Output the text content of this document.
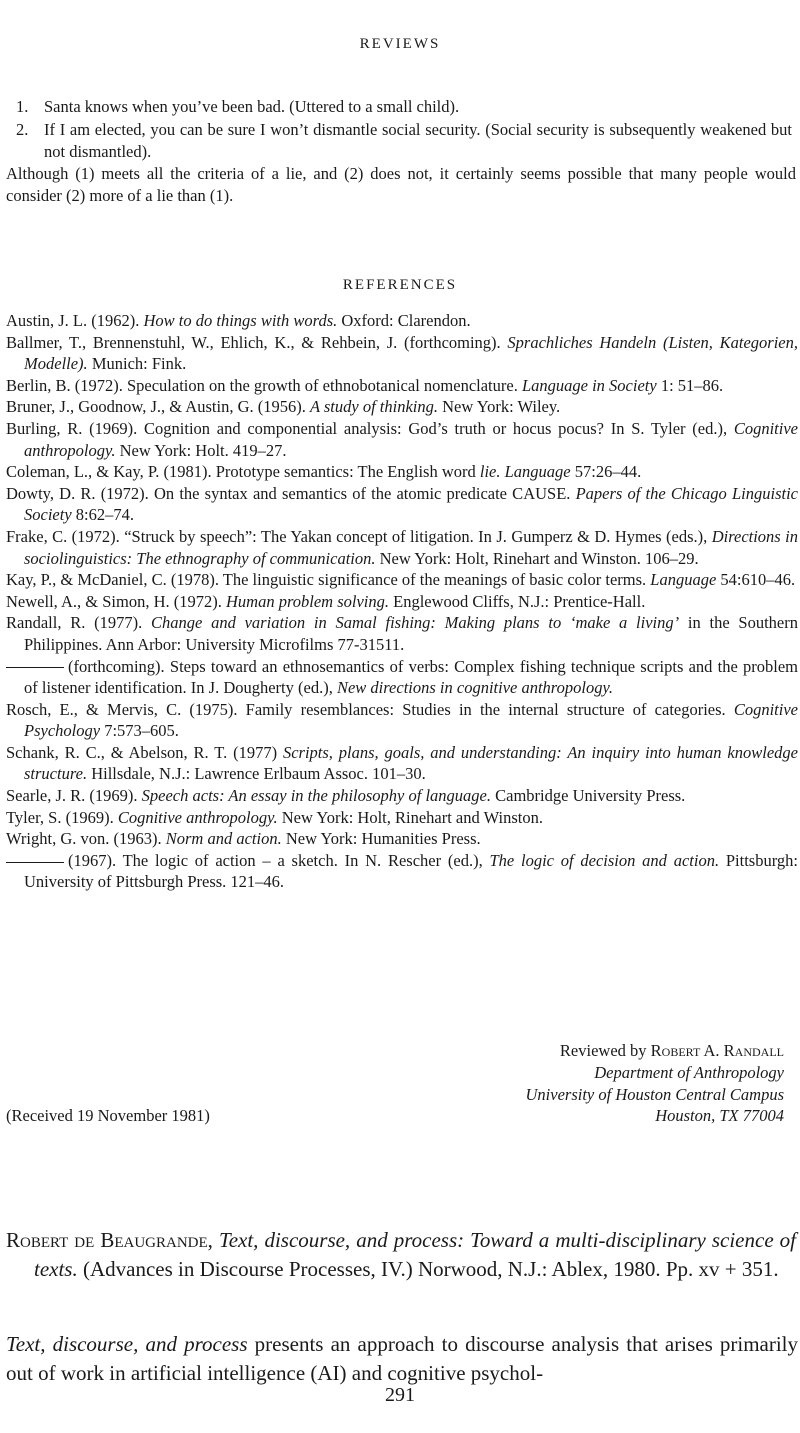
REVIEWS
1. Santa knows when you’ve been bad. (Uttered to a small child).
2. If I am elected, you can be sure I won’t dismantle social security. (Social security is subsequently weakened but not dismantled).
Although (1) meets all the criteria of a lie, and (2) does not, it certainly seems possible that many people would consider (2) more of a lie than (1).
REFERENCES

Austin, J. L. (1962). How to do things with words. Oxford: Clarendon.

Ballmer, T., Brennenstuhl, W., Ehlich, K., & Rehbein, J. (forthcoming). Sprachliches Handeln (Listen, Kategorien, Modelle). Munich: Fink.

Berlin, B. (1972). Speculation on the growth of ethnobotanical nomenclature. Language in Society 1: 51–86.

Bruner, J., Goodnow, J., & Austin, G. (1956). A study of thinking. New York: Wiley.

Burling, R. (1969). Cognition and componential analysis: God’s truth or hocus pocus? In S. Tyler (ed.), Cognitive anthropology. New York: Holt. 419–27.

Coleman, L., & Kay, P. (1981). Prototype semantics: The English word lie. Language 57:26–44.

Dowty, D. R. (1972). On the syntax and semantics of the atomic predicate CAUSE. Papers of the Chicago Linguistic Society 8:62–74.

Frake, C. (1972). “Struck by speech”: The Yakan concept of litigation. In J. Gumperz & D. Hymes (eds.), Directions in sociolinguistics: The ethnography of communication. New York: Holt, Rinehart and Winston. 106–29.

Kay, P., & McDaniel, C. (1978). The linguistic significance of the meanings of basic color terms. Language 54:610–46.

Newell, A., & Simon, H. (1972). Human problem solving. Englewood Cliffs, N.J.: Prentice-Hall.

Randall, R. (1977). Change and variation in Samal fishing: Making plans to ‘make a living’ in the Southern Philippines. Ann Arbor: University Microfilms 77-31511.

(forthcoming). Steps toward an ethnosemantics of verbs: Complex fishing technique scripts and the problem of listener identification. In J. Dougherty (ed.), New directions in cognitive anthropology.

Rosch, E., & Mervis, C. (1975). Family resemblances: Studies in the internal structure of categories. Cognitive Psychology 7:573–605.

Schank, R. C., & Abelson, R. T. (1977) Scripts, plans, goals, and understanding: An inquiry into human knowledge structure. Hillsdale, N.J.: Lawrence Erlbaum Assoc. 101–30.

Searle, J. R. (1969). Speech acts: An essay in the philosophy of language. Cambridge University Press.

Tyler, S. (1969). Cognitive anthropology. New York: Holt, Rinehart and Winston.

Wright, G. von. (1963). Norm and action. New York: Humanities Press.

(1967). The logic of action – a sketch. In N. Rescher (ed.), The logic of decision and action. Pittsburgh: University of Pittsburgh Press. 121–46.

Reviewed by Robert A. Randall
Department of Anthropology
University of Houston Central Campus
Houston, TX 77004
(Received 19 November 1981)
Robert de Beaugrande, Text, discourse, and process: Toward a multi-disciplinary science of texts. (Advances in Discourse Processes, IV.) Norwood, N.J.: Ablex, 1980. Pp. xv + 351.
Text, discourse, and process presents an approach to discourse analysis that arises primarily out of work in artificial intelligence (AI) and cognitive psychol-
291
